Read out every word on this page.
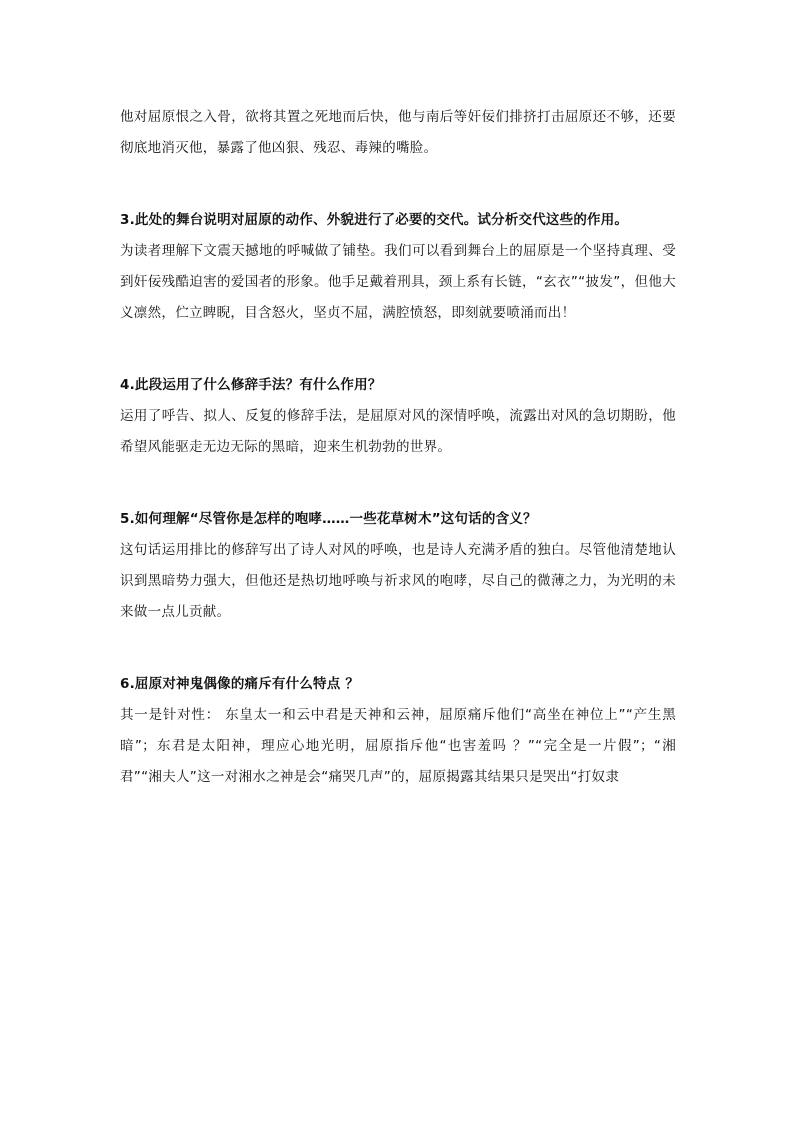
他对屈原恨之入骨，欲将其置之死地而后快，他与南后等奸佞们排挤打击屈原还不够，还要彻底地消灭他，暴露了他凶狠、残忍、毒辣的嘴脸。

3.此处的舞台说明对屈原的动作、外貌进行了必要的交代。试分析交代这些的作用。

为读者理解下文震天撼地的呼喊做了铺垫。我们可以看到舞台上的屈原是一个坚持真理、受到奸佞残酷迫害的爱国者的形象。他手足戴着刑具，颈上系有长链，“玄衣”“披发”，但他大义凛然，伫立睥睨，目含怒火，坚贞不屈，满腔愤怒，即刻就要喷涌而出！

4.此段运用了什么修辞手法？有什么作用？

运用了呼告、拟人、反复的修辞手法，是屈原对风的深情呼唤，流露出对风的急切期盼，他希望风能驱走无边无际的黑暗，迎来生机勃勃的世界。

5.如何理解“尽管你是怎样的咆哮……一些花草树木”这句话的含义？

这句话运用排比的修辞写出了诗人对风的呼唤，也是诗人充满矛盾的独白。尽管他清楚地认识到黑暗势力强大，但他还是热切地呼唤与祈求风的咆哮，尽自己的微薄之力，为光明的未来做一点儿贡献。

6.屈原对神鬼偶像的痛斥有什么特点 ？

其一是针对性： 东皇太一和云中君是天神和云神，屈原痛斥他们“高坐在神位上”“产生黑暗”；东君是太阳神，理应心地光明，屈原指斥他“也害羞吗 ？”“完全是一片假”；“湘君”“湘夫人”这一对湘水之神是会“痛哭几声”的，屈原揭露其结果只是哭出“打奴隶
